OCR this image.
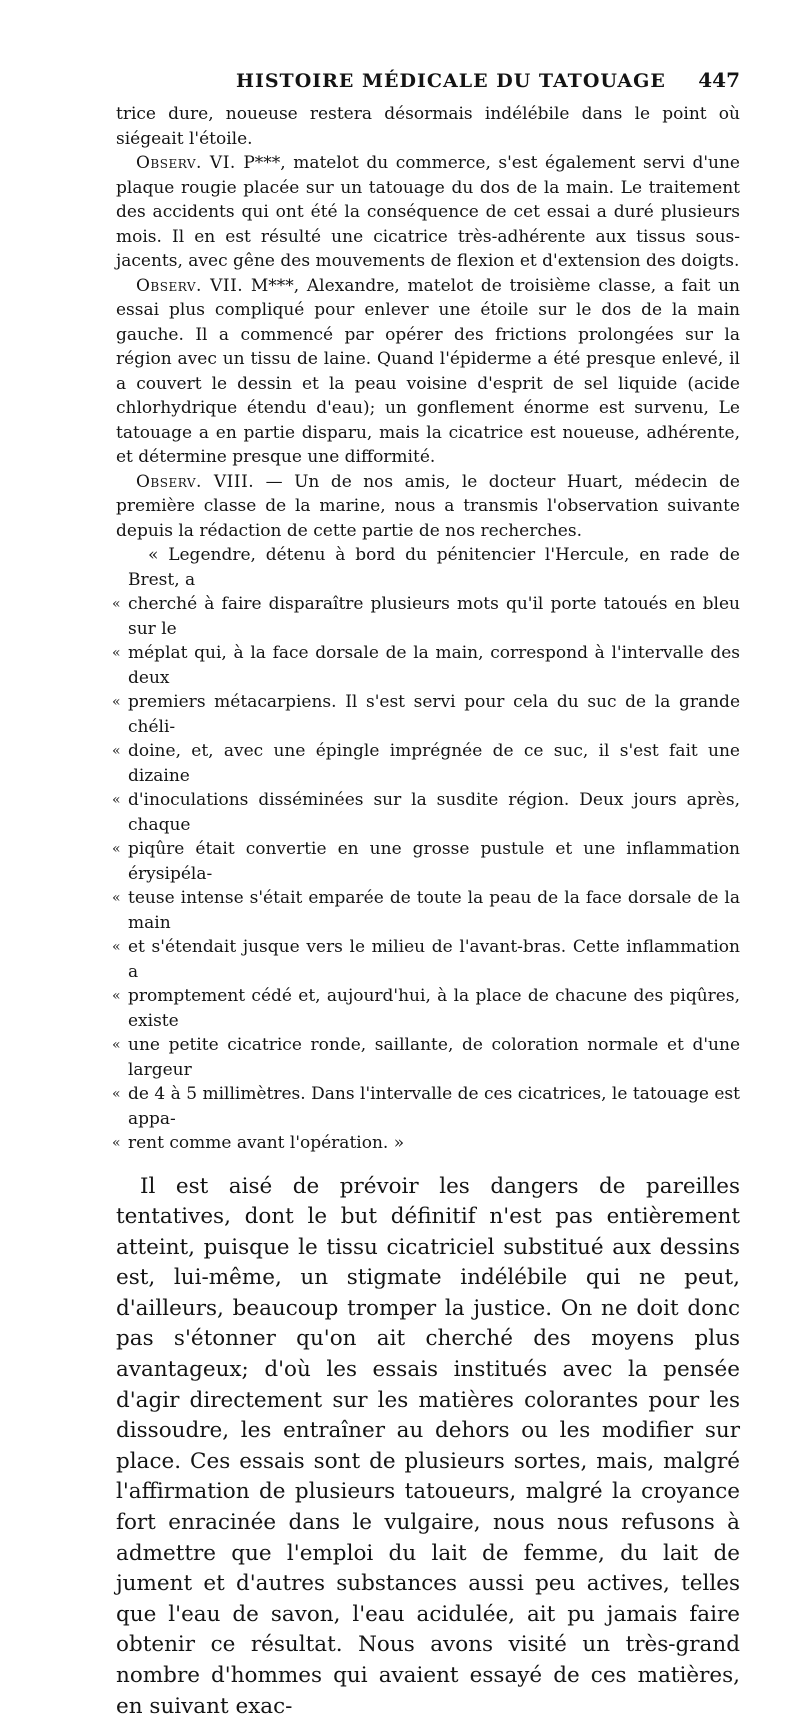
HISTOIRE MÉDICALE DU TATOUAGE 447

trice dure, noueuse restera désormais indélébile dans le point où siégeait l'étoile.

Observ. VI. P***, matelot du commerce, s'est également servi d'une plaque rougie placée sur un tatouage du dos de la main. Le traitement des accidents qui ont été la conséquence de cet essai a duré plusieurs mois. Il en est résulté une cicatrice très-adhérente aux tissus sous-jacents, avec gêne des mouvements de flexion et d'extension des doigts.

Observ. VII. M***, Alexandre, matelot de troisième classe, a fait un essai plus compliqué pour enlever une étoile sur le dos de la main gauche. Il a commencé par opérer des frictions prolongées sur la région avec un tissu de laine. Quand l'épiderme a été presque enlevé, il a couvert le dessin et la peau voisine d'esprit de sel liquide (acide chlorhydrique étendu d'eau); un gonflement énorme est survenu, Le tatouage a en partie disparu, mais la cicatrice est noueuse, adhérente, et détermine presque une difformité.

Observ. VIII. — Un de nos amis, le docteur Huart, médecin de première classe de la marine, nous a transmis l'observation suivante depuis la rédaction de cette partie de nos recherches.

« Legendre, détenu à bord du pénitencier l'Hercule, en rade de Brest, a

« cherché à faire disparaître plusieurs mots qu'il porte tatoués en bleu sur le

« méplat qui, à la face dorsale de la main, correspond à l'intervalle des deux

« premiers métacarpiens. Il s'est servi pour cela du suc de la grande chéli-

« doine, et, avec une épingle imprégnée de ce suc, il s'est fait une dizaine

« d'inoculations disséminées sur la susdite région. Deux jours après, chaque

« piqûre était convertie en une grosse pustule et une inflammation érysipéla-

« teuse intense s'était emparée de toute la peau de la face dorsale de la main

« et s'étendait jusque vers le milieu de l'avant-bras. Cette inflammation a

« promptement cédé et, aujourd'hui, à la place de chacune des piqûres, existe

« une petite cicatrice ronde, saillante, de coloration normale et d'une largeur

« de 4 à 5 millimètres. Dans l'intervalle de ces cicatrices, le tatouage est appa-

« rent comme avant l'opération. »

Il est aisé de prévoir les dangers de pareilles tentatives, dont le but définitif n'est pas entièrement atteint, puisque le tissu cicatriciel substitué aux dessins est, lui-même, un stigmate indélébile qui ne peut, d'ailleurs, beaucoup tromper la justice. On ne doit donc pas s'étonner qu'on ait cherché des moyens plus avantageux; d'où les essais institués avec la pensée d'agir directement sur les matières colorantes pour les dissoudre, les entraîner au dehors ou les modifier sur place. Ces essais sont de plusieurs sortes, mais, malgré l'affirmation de plusieurs tatoueurs, malgré la croyance fort enracinée dans le vulgaire, nous nous refusons à admettre que l'emploi du lait de femme, du lait de jument et d'autres substances aussi peu actives, telles que l'eau de savon, l'eau acidulée, ait pu jamais faire obtenir ce résultat. Nous avons visité un très-grand nombre d'hommes qui avaient essayé de ces matières, en suivant exac-
